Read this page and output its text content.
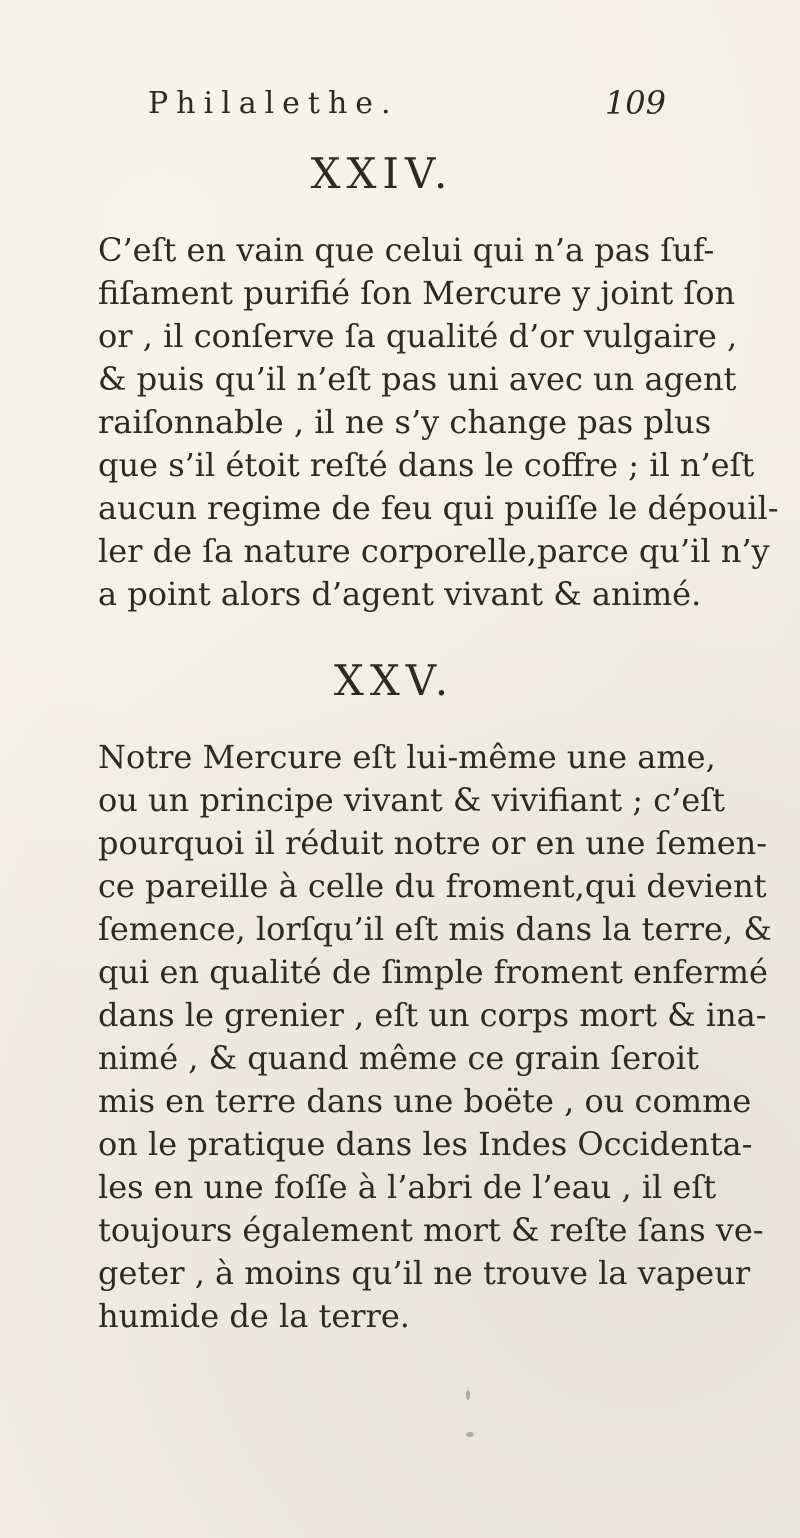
Philalethe.	109
XXIV.
C’eſt en vain que celui qui n’a pas ſuf-
fiſament purifié ſon Mercure y joint ſon
or , il conſerve ſa qualité d’or vulgaire ,
& puis qu’il n’eſt pas uni avec un agent
raiſonnable , il ne s’y change pas plus
que s’il étoit reſté dans le coffre ; il n’eſt
aucun regime de feu qui puiſſe le dépouil-
ler de ſa nature corporelle,parce qu’il n’y
a point alors d’agent vivant & animé.
XXV.
Notre Mercure eſt lui-même une ame,
ou un principe vivant & vivifiant ; c’eſt
pourquoi il réduit notre or en une ſemen-
ce pareille à celle du froment,qui devient
ſemence, lorſqu’il eſt mis dans la terre, &
qui en qualité de ſimple froment enfermé
dans le grenier , eſt un corps mort & ina-
nimé , & quand même ce grain ſeroit
mis en terre dans une boëte , ou comme
on le pratique dans les Indes Occidenta-
les en une foſſe à l’abri de l’eau , il eſt
toujours également mort & reſte ſans ve-
geter , à moins qu’il ne trouve la vapeur
humide de la terre.
